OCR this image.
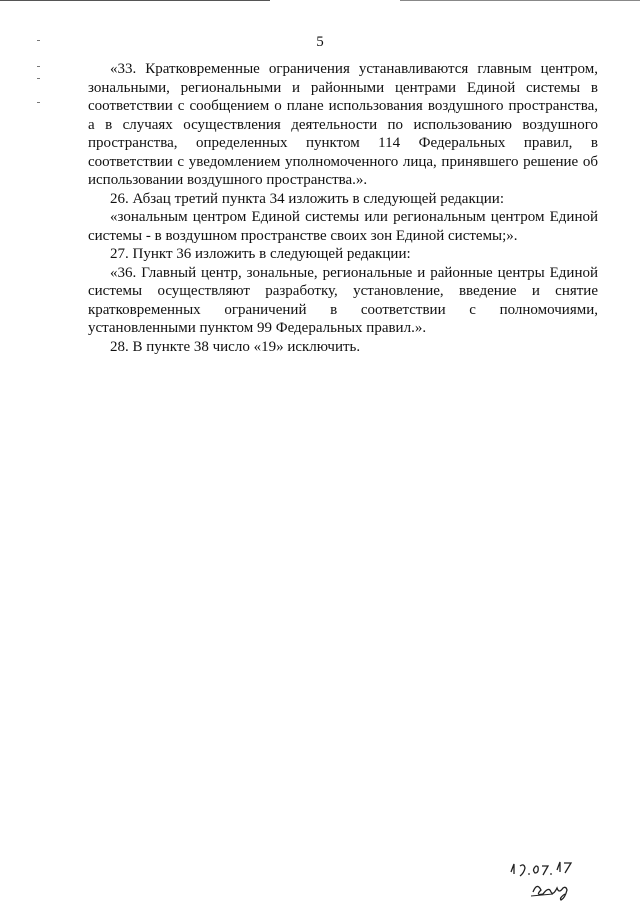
5

«33. Кратковременные ограничения устанавливаются главным центром, зональными, региональными и районными центрами Единой системы в соответствии с сообщением о плане использования воздушного пространства, а в случаях осуществления деятельности по использованию воздушного пространства, определенных пунктом 114 Федеральных правил, в соответствии с уведомлением уполномоченного лица, принявшего решение об использовании воздушного пространства.».

26. Абзац третий пункта 34 изложить в следующей редакции:

«зональным центром Единой системы или региональным центром Единой системы - в воздушном пространстве своих зон Единой системы;».

27. Пункт 36 изложить в следующей редакции:

«36. Главный центр, зональные, региональные и районные центры Единой системы осуществляют разработку, установление, введение и снятие кратковременных ограничений в соответствии с полномочиями, установленными пунктом 99 Федеральных правил.».

28. В пункте 38 число «19» исключить.
